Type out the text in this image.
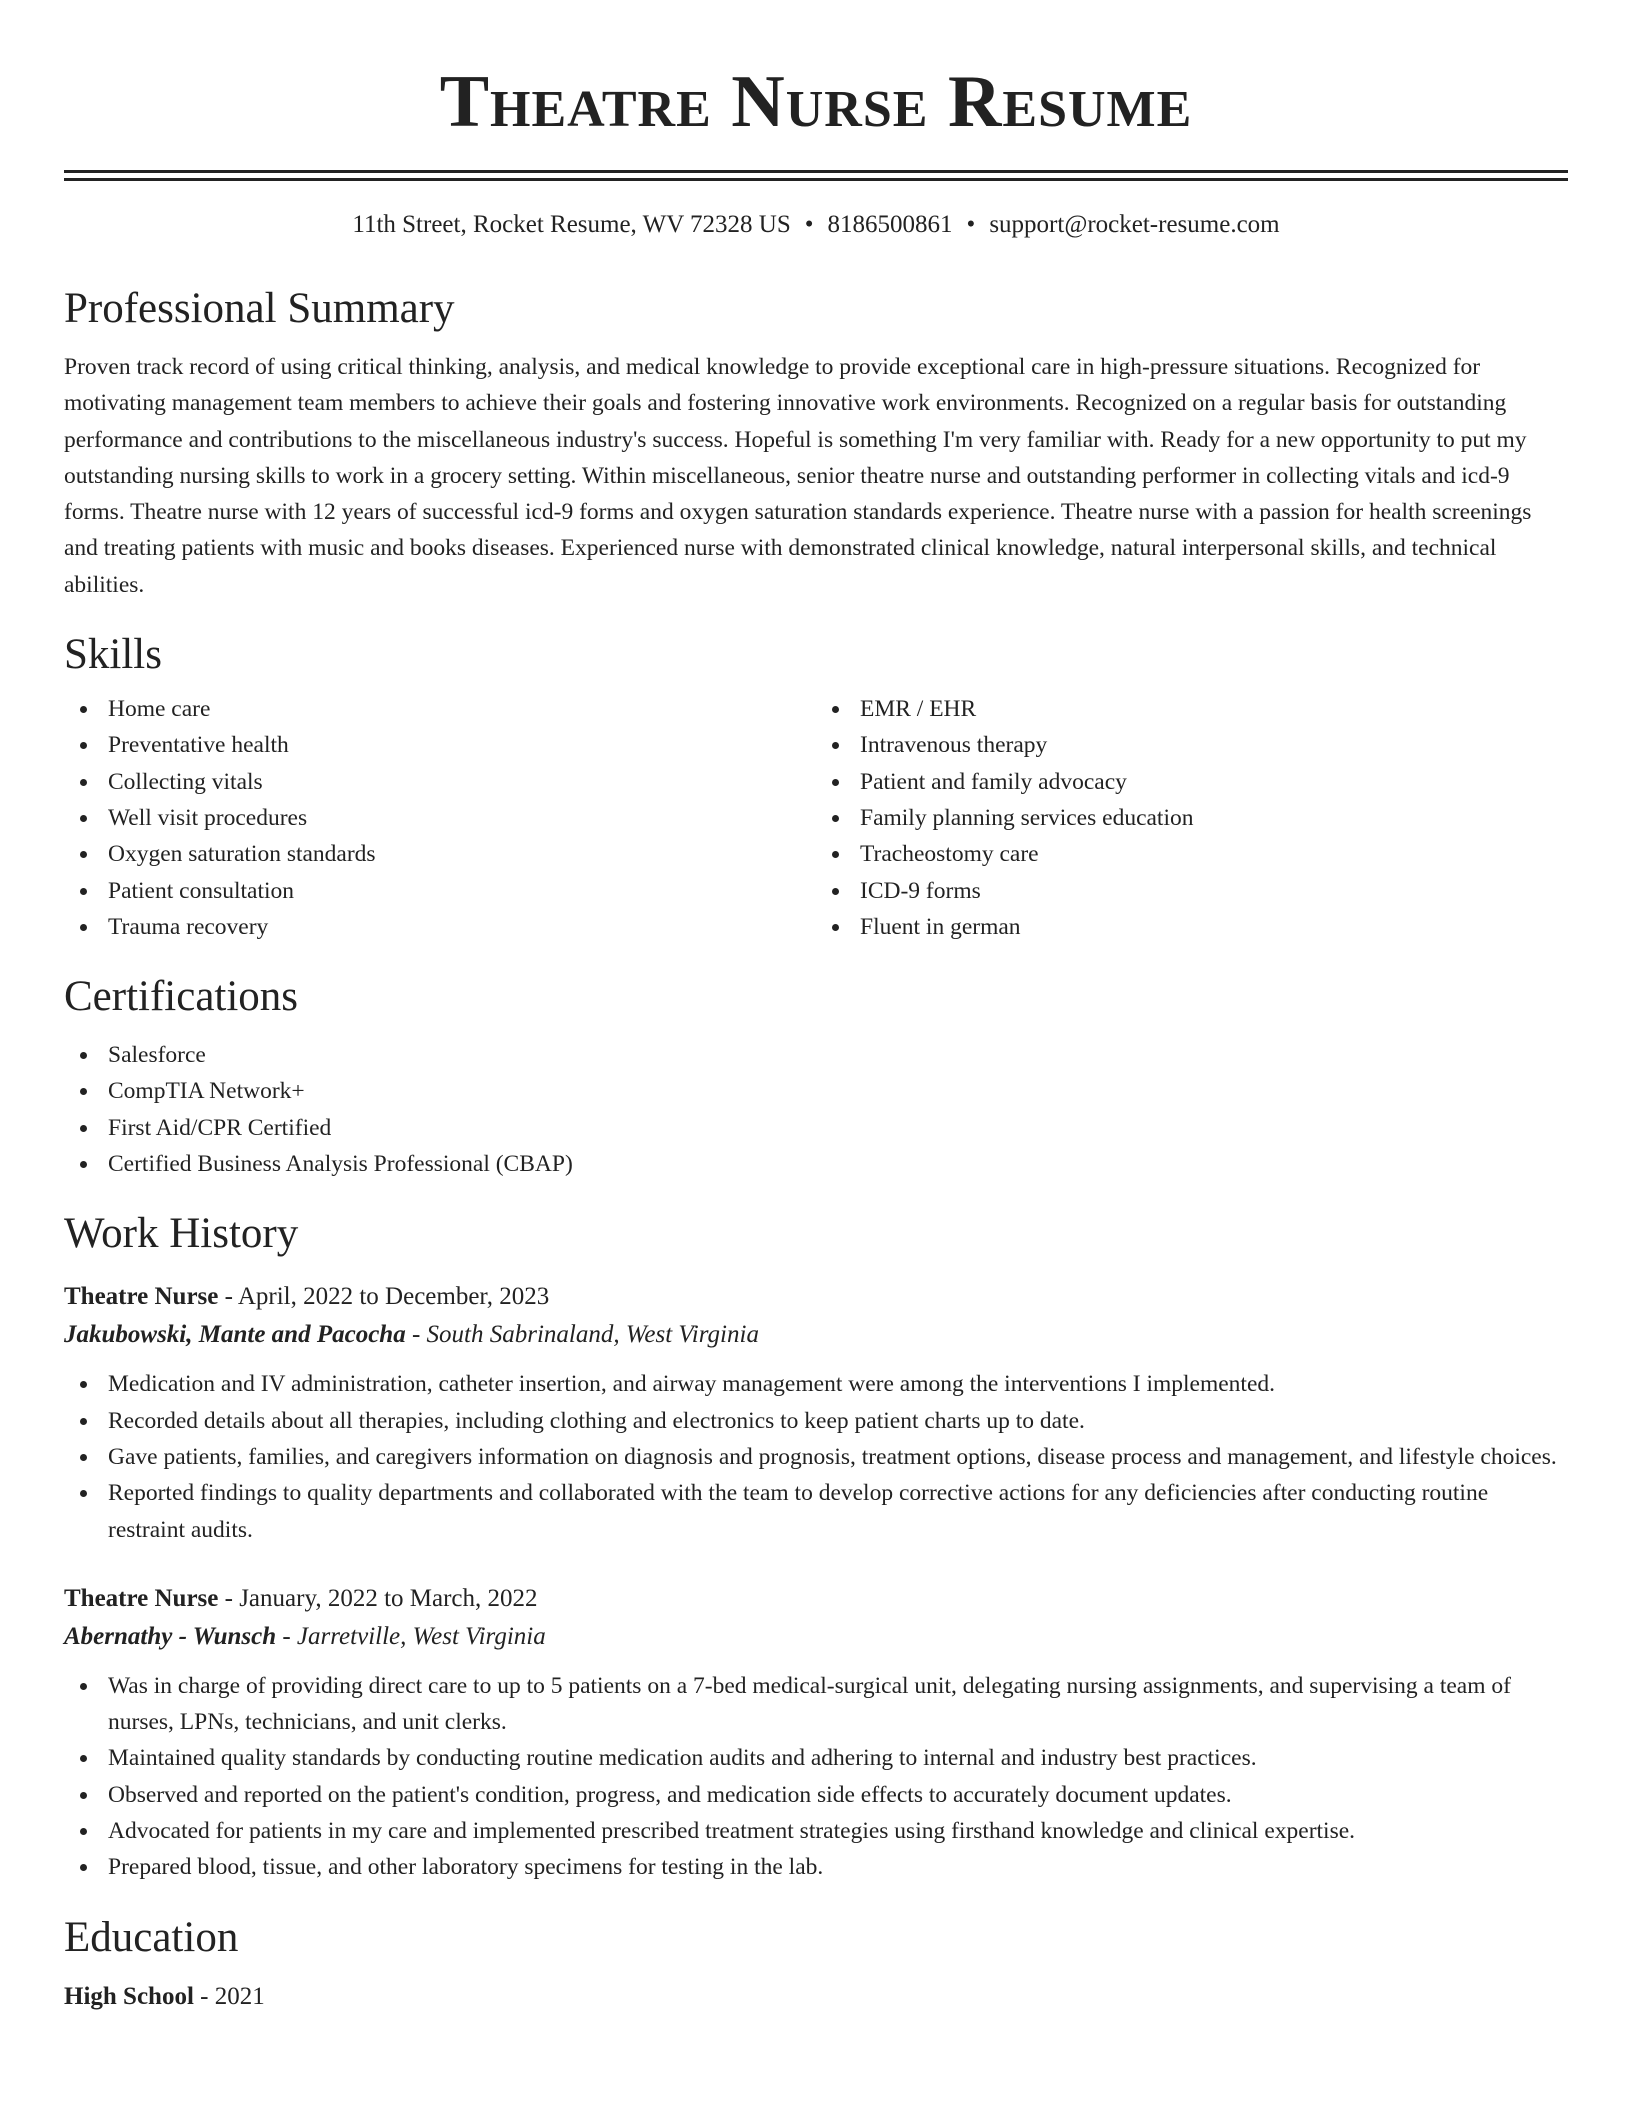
Theatre Nurse Resume
11th Street, Rocket Resume, WV 72328 US • 8186500861 • support@rocket-resume.com
Professional Summary

Proven track record of using critical thinking, analysis, and medical knowledge to provide exceptional care in high-pressure situations. Recognized for motivating management team members to achieve their goals and fostering innovative work environments. Recognized on a regular basis for outstanding performance and contributions to the miscellaneous industry's success. Hopeful is something I'm very familiar with. Ready for a new opportunity to put my outstanding nursing skills to work in a grocery setting. Within miscellaneous, senior theatre nurse and outstanding performer in collecting vitals and icd-9 forms. Theatre nurse with 12 years of successful icd-9 forms and oxygen saturation standards experience. Theatre nurse with a passion for health screenings and treating patients with music and books diseases. Experienced nurse with demonstrated clinical knowledge, natural interpersonal skills, and technical abilities.

Skills
Home care
Preventative health
Collecting vitals
Well visit procedures
Oxygen saturation standards
Patient consultation
Trauma recovery
EMR / EHR
Intravenous therapy
Patient and family advocacy
Family planning services education
Tracheostomy care
ICD-9 forms
Fluent in german
Certifications
Salesforce
CompTIA Network+
First Aid/CPR Certified
Certified Business Analysis Professional (CBAP)
Work History
Theatre Nurse - April, 2022 to December, 2023
Jakubowski, Mante and Pacocha - South Sabrinaland, West Virginia
Medication and IV administration, catheter insertion, and airway management were among the interventions I implemented.
Recorded details about all therapies, including clothing and electronics to keep patient charts up to date.
Gave patients, families, and caregivers information on diagnosis and prognosis, treatment options, disease process and management, and lifestyle choices.
Reported findings to quality departments and collaborated with the team to develop corrective actions for any deficiencies after conducting routine restraint audits.
Theatre Nurse - January, 2022 to March, 2022
Abernathy - Wunsch - Jarretville, West Virginia
Was in charge of providing direct care to up to 5 patients on a 7-bed medical-surgical unit, delegating nursing assignments, and supervising a team of nurses, LPNs, technicians, and unit clerks.
Maintained quality standards by conducting routine medication audits and adhering to internal and industry best practices.
Observed and reported on the patient's condition, progress, and medication side effects to accurately document updates.
Advocated for patients in my care and implemented prescribed treatment strategies using firsthand knowledge and clinical expertise.
Prepared blood, tissue, and other laboratory specimens for testing in the lab.
Education
High School - 2021
